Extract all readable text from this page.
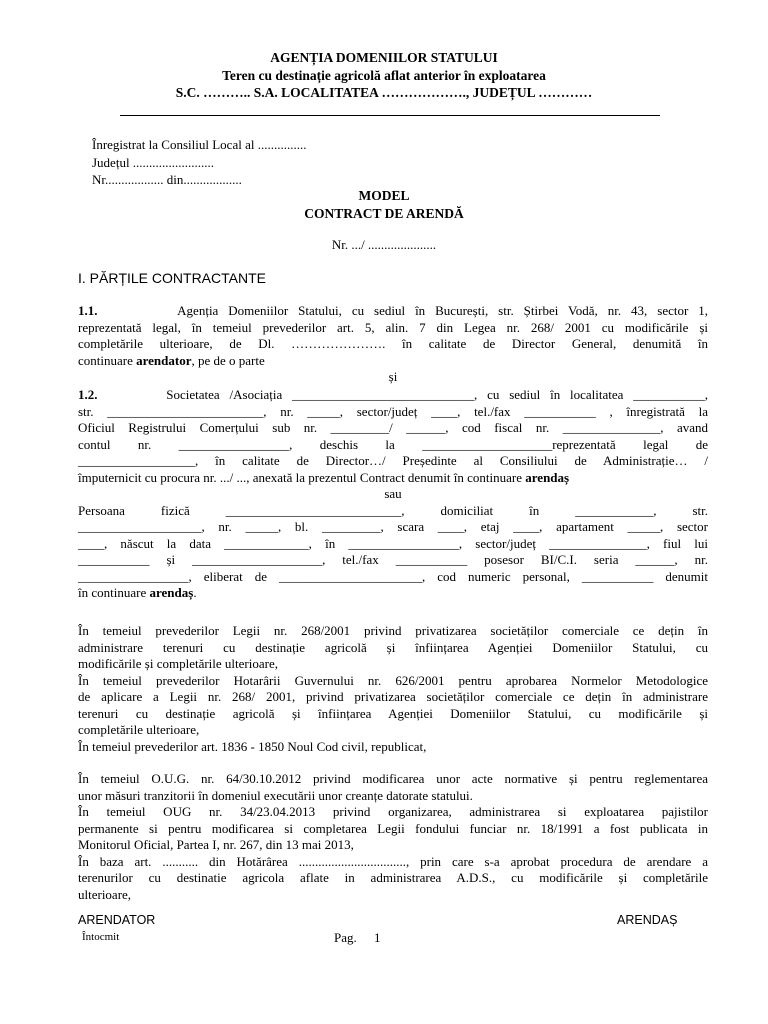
AGENȚIA DOMENIILOR STATULUI
Teren cu destinație agricolă aflat anterior în exploatarea
S.C. ……….. S.A. LOCALITATEA ………………., JUDEȚUL …………
Înregistrat la Consiliul Local al ...............
Județul .........................
Nr.................. din..................
MODEL
CONTRACT DE ARENDĂ
Nr. .../ .....................
I. PĂRȚILE CONTRACTANTE
1.1.	Agenția Domeniilor Statului, cu sediul în București, str. Știrbei Vodă, nr. 43, sector 1,
reprezentată legal, în temeiul prevederilor art. 5, alin. 7 din Legea nr. 268/ 2001 cu modificările și
completările ulterioare, de Dl. …………………. în calitate de Director General, denumită în
continuare arendator, pe de o parte
și
1.2.	Societatea /Asociația ____________________________, cu sediul în localitatea ___________,
str. ________________________, nr. _____, sector/județ ____, tel./fax ___________ , înregistrată la
Oficiul Registrului Comerțului sub nr. _________/ ______, cod fiscal nr. _______________, avand
contul nr. _________________, deschis la ____________________reprezentată legal de
__________________, în calitate de Director…/ Președinte al Consiliului de Administrație… /
împuternicit cu procura nr. .../ ..., anexată la prezentul Contract denumit în continuare arendaș
sau
Persoana fizică ___________________________, domiciliat în ____________, str.
___________________, nr. _____, bl. _________, scara ____, etaj ____, apartament _____, sector
____, născut la data _____________, în _________________, sector/județ _______________, fiul lui
___________ și ____________________, tel./fax ___________ posesor BI/C.I. seria ______, nr.
_________________, eliberat de ______________________, cod numeric personal, ___________ denumit
în continuare arendaș.
În temeiul prevederilor Legii nr. 268/2001 privind privatizarea societăților comerciale ce dețin în
administrare terenuri cu destinație agricolă și înființarea Agenției Domeniilor Statului, cu
modificările și completările ulterioare,
În temeiul prevederilor Hotarârii Guvernului nr. 626/2001 pentru aprobarea Normelor Metodologice
de aplicare a Legii nr. 268/ 2001, privind privatizarea societăților comerciale ce dețin în administrare
terenuri cu destinație agricolă și înființarea Agenției Domeniilor Statului, cu modificările și
completările ulterioare,
În temeiul prevederilor art. 1836 - 1850 Noul Cod civil, republicat,
În temeiul O.U.G. nr. 64/30.10.2012 privind modificarea unor acte normative și pentru reglementarea
unor măsuri tranzitorii în domeniul executării unor creanțe datorate statului.
În temeiul OUG nr. 34/23.04.2013 privind organizarea, administrarea si exploatarea pajistilor
permanente si pentru modificarea si completarea Legii fondului funciar nr. 18/1991 a fost publicata in
Monitorul Oficial, Partea I, nr. 267, din 13 mai 2013,
În baza art. ........... din Hotărârea ................................., prin care s-a aprobat procedura de arendare a
terenurilor cu destinatie agricola aflate in administrarea A.D.S., cu modificările și completările
ulterioare,
ARENDATOR	ARENDAȘ
Întocmit	Pag. 1
